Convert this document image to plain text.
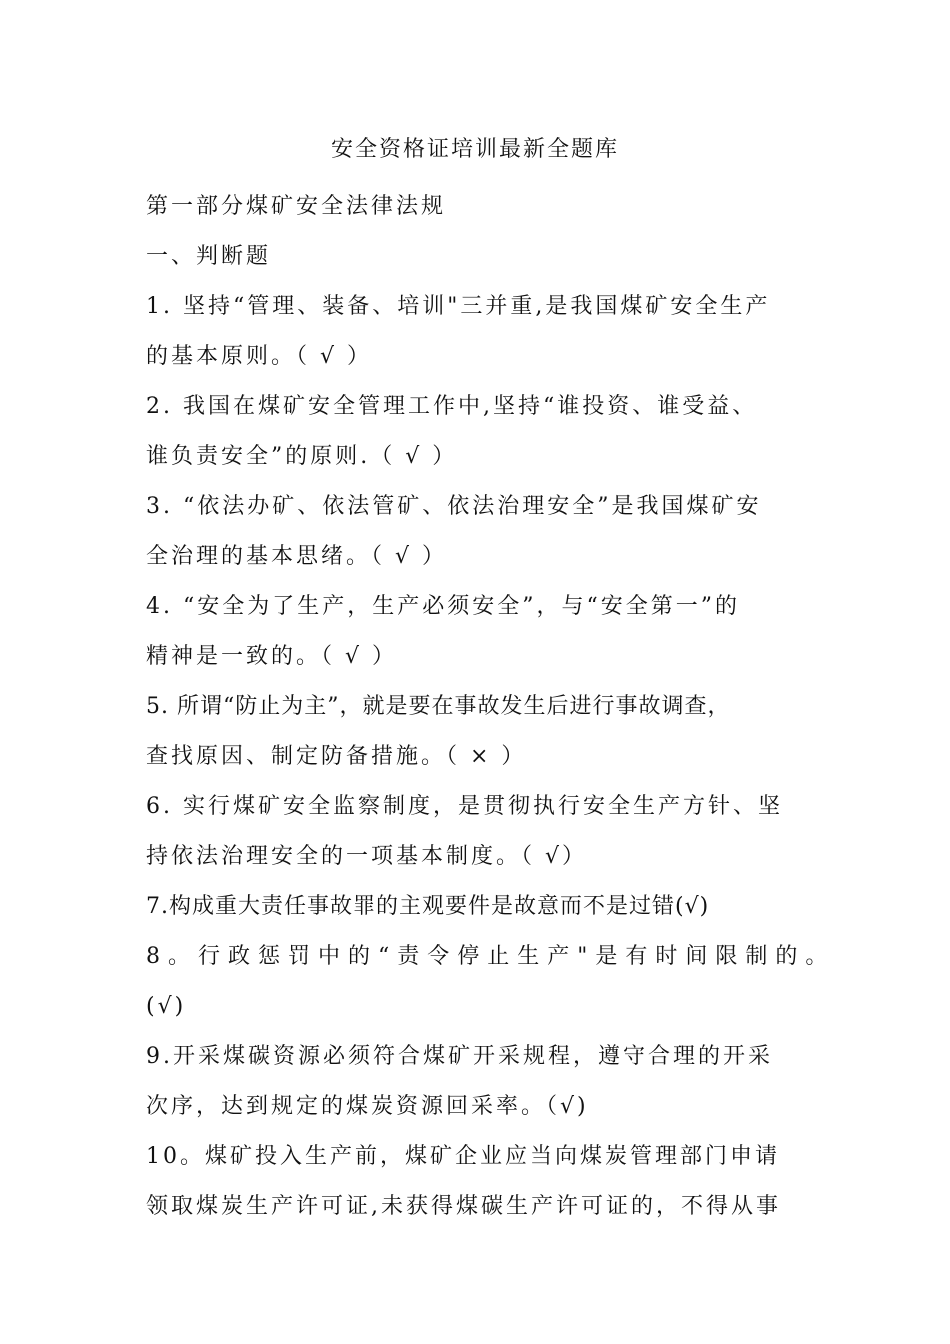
安全资格证培训最新全题库
第一部分煤矿安全法律法规
一、判断题
1. 坚持“管理、装备、培训"三并重,是我国煤矿安全生产
的基本原则。（ √ ）
2. 我国在煤矿安全管理工作中,坚持“谁投资、谁受益、
谁负责安全”的原则.（ √ ）
3. “依法办矿、依法管矿、依法治理安全”是我国煤矿安
全治理的基本思绪。（ √ ）
4. “安全为了生产，生产必须安全”，与“安全第一”的
精神是一致的。（ √ ）
5. 所谓“防止为主”，就是要在事故发生后进行事故调查，
查找原因、制定防备措施。（ × ）
6. 实行煤矿安全监察制度，是贯彻执行安全生产方针、坚
持依法治理安全的一项基本制度。（ √）
7.构成重大责任事故罪的主观要件是故意而不是过错(√)
8。行政惩罚中的“责令停止生产"是有时间限制的。
(√)
9.开采煤碳资源必须符合煤矿开采规程，遵守合理的开采
次序，达到规定的煤炭资源回采率。（√)
10。煤矿投入生产前，煤矿企业应当向煤炭管理部门申请
领取煤炭生产许可证,未获得煤碳生产许可证的，不得从事
